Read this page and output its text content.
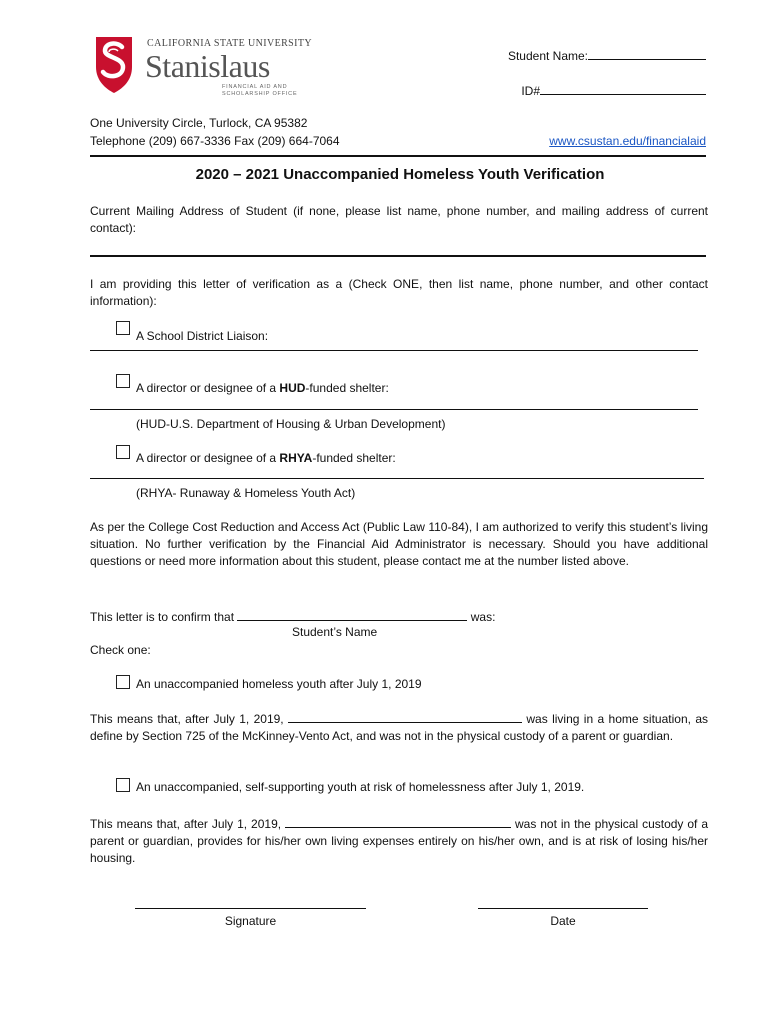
CALIFORNIA STATE UNIVERSITY
Stanislaus
FINANCIAL AID AND
SCHOLARSHIP OFFICE
Student Name:
ID#
One University Circle, Turlock, CA 95382
Telephone (209) 667-3336 Fax (209) 664-7064	www.csustan.edu/financialaid
2020 – 2021 Unaccompanied Homeless Youth Verification
Current Mailing Address of Student (if none, please list name, phone number, and mailing address of current contact):
I am providing this letter of verification as a (Check ONE, then list name, phone number, and other contact information):
A School District Liaison:
A director or designee of a HUD-funded shelter:
(HUD-U.S. Department of Housing & Urban Development)
A director or designee of a RHYA-funded shelter:
(RHYA- Runaway & Homeless Youth Act)
As per the College Cost Reduction and Access Act (Public Law 110-84), I am authorized to verify this student’s living situation. No further verification by the Financial Aid Administrator is necessary. Should you have additional questions or need more information about this student, please contact me at the number listed above.
This letter is to confirm that	was:
Student’s Name
Check one:
An unaccompanied homeless youth after July 1, 2019
This means that, after July 1, 2019,	was living in a home situation, as define by Section 725 of the McKinney-Vento Act, and was not in the physical custody of a parent or guardian.
An unaccompanied, self-supporting youth at risk of homelessness after July 1, 2019.
This means that, after July 1, 2019,	was not in the physical custody of a parent or guardian, provides for his/her own living expenses entirely on his/her own, and is at risk of losing his/her housing.
Signature	Date
